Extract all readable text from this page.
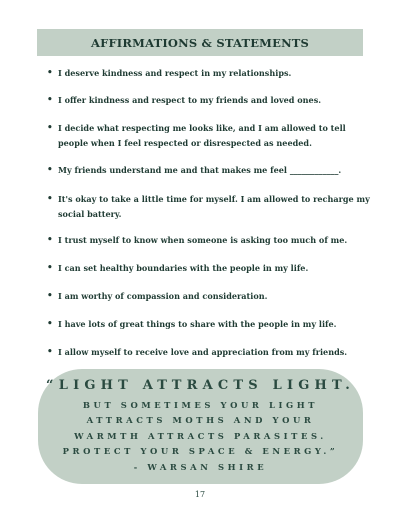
AFFIRMATIONS & STATEMENTS
• I deserve kindness and respect in my relationships.
• I offer kindness and respect to my friends and loved ones.
• I decide what respecting me looks like, and I am allowed to tell people when I feel respected or disrespected as needed.
• My friends understand me and that makes me feel ____________.
• It's okay to take a little time for myself. I am allowed to recharge my social battery.
• I trust myself to know when someone is asking too much of me.
• I can set healthy boundaries with the people in my life.
• I am worthy of compassion and consideration.
• I have lots of great things to share with the people in my life.
• I allow myself to receive love and appreciation from my friends.
“LIGHT ATTRACTS LIGHT.
BUT SOMETIMES YOUR LIGHT ATTRACTS MOTHS AND YOUR WARMTH ATTRACTS PARASITES.
PROTECT YOUR SPACE & ENERGY.”
- WARSAN SHIRE
17
